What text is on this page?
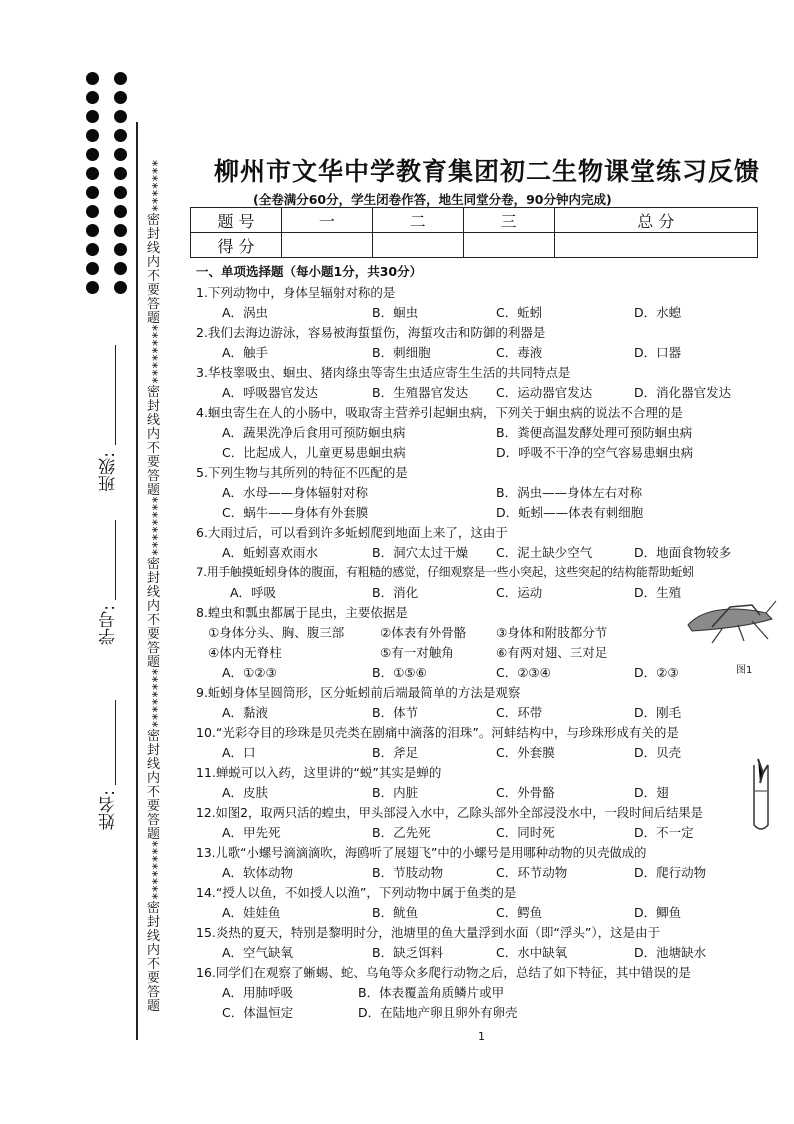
*******密封线内不要答题********密封线内不要答题********密封线内不要答题********密封线内不要答题********密封线内不要答题
班级:
学号:
姓名:
柳州市文华中学教育集团初二生物课堂练习反馈
(全卷满分60分，学生闭卷作答，地生同堂分卷，90分钟内完成)
题 号	一	二	三	总 分
得 分				
一、单项选择题（每小题1分，共30分）
1.下列动物中，身体呈辐射对称的是
A．涡虫	B．蛔虫	C．蚯蚓	D．水螅
2.我们去海边游泳，容易被海蜇蜇伤，海蜇攻击和防御的利器是
A．触手	B．刺细胞	C．毒液	D．口器
3.华枝睾吸虫、蛔虫、猪肉绦虫等寄生虫适应寄生生活的共同特点是
A．呼吸器官发达	B．生殖器官发达 C．运动器官发达	D．消化器官发达
4.蛔虫寄生在人的小肠中，吸取寄主营养引起蛔虫病，下列关于蛔虫病的说法不合理的是
A．蔬果洗净后食用可预防蛔虫病	B．粪便高温发酵处理可预防蛔虫病
C．比起成人，儿童更易患蛔虫病	D．呼吸不干净的空气容易患蛔虫病
5.下列生物与其所列的特征不匹配的是
A．水母——身体辐射对称	B．涡虫——身体左右对称
C．蜗牛——身体有外套膜	D．蚯蚓——体表有刺细胞
6.大雨过后，可以看到许多蚯蚓爬到地面上来了，这由于
A．蚯蚓喜欢雨水	B．洞穴太过干燥 C．泥土缺少空气	D．地面食物较多
7.用手触摸蚯蚓身体的腹面，有粗糙的感觉，仔细观察是一些小突起，这些突起的结构能帮助蚯蚓
A．呼吸	B．消化	C．运动	D．生殖
8.蝗虫和瓢虫都属于昆虫，主要依据是
①身体分头、胸、腹三部	②体表有外骨骼 ③身体和附肢都分节
④体内无脊柱	⑤有一对触角	⑥有两对翅、三对足
A．①②③	B．①⑤⑥	C．②③④	D．②③	图1
9.蚯蚓身体呈圆筒形，区分蚯蚓前后端最简单的方法是观察
A．黏液	B．体节	C．环带	D．刚毛
10.“光彩夺目的珍珠是贝壳类在剧痛中滴落的泪珠”。河蚌结构中，与珍珠形成有关的是
A．口	B．斧足	C．外套膜	D．贝壳
11.蝉蜕可以入药，这里讲的“蜕”其实是蝉的
A．皮肤	B．内脏	C．外骨骼	D．翅
12.如图2，取两只活的蝗虫，甲头部浸入水中，乙除头部外全部浸没水中，一段时间后结果是
A．甲先死	B．乙先死	C．同时死	D．不一定
13.儿歌“小螺号滴滴滴吹，海鸥听了展翅飞”中的小螺号是用哪种动物的贝壳做成的
A．软体动物	B．节肢动物	C．环节动物	D．爬行动物
14.“授人以鱼，不如授人以渔”，下列动物中属于鱼类的是
A．娃娃鱼	B．鱿鱼	C．鳄鱼	D．鲫鱼
15.炎热的夏天，特别是黎明时分，池塘里的鱼大量浮到水面（即“浮头”），这是由于
A．空气缺氧	B．缺乏饵料	C．水中缺氧	D．池塘缺水
16.同学们在观察了蜥蜴、蛇、乌龟等众多爬行动物之后，总结了如下特征，其中错误的是
A．用肺呼吸	B．体表覆盖角质鳞片或甲
C．体温恒定	D．在陆地产卵且卵外有卵壳
1
